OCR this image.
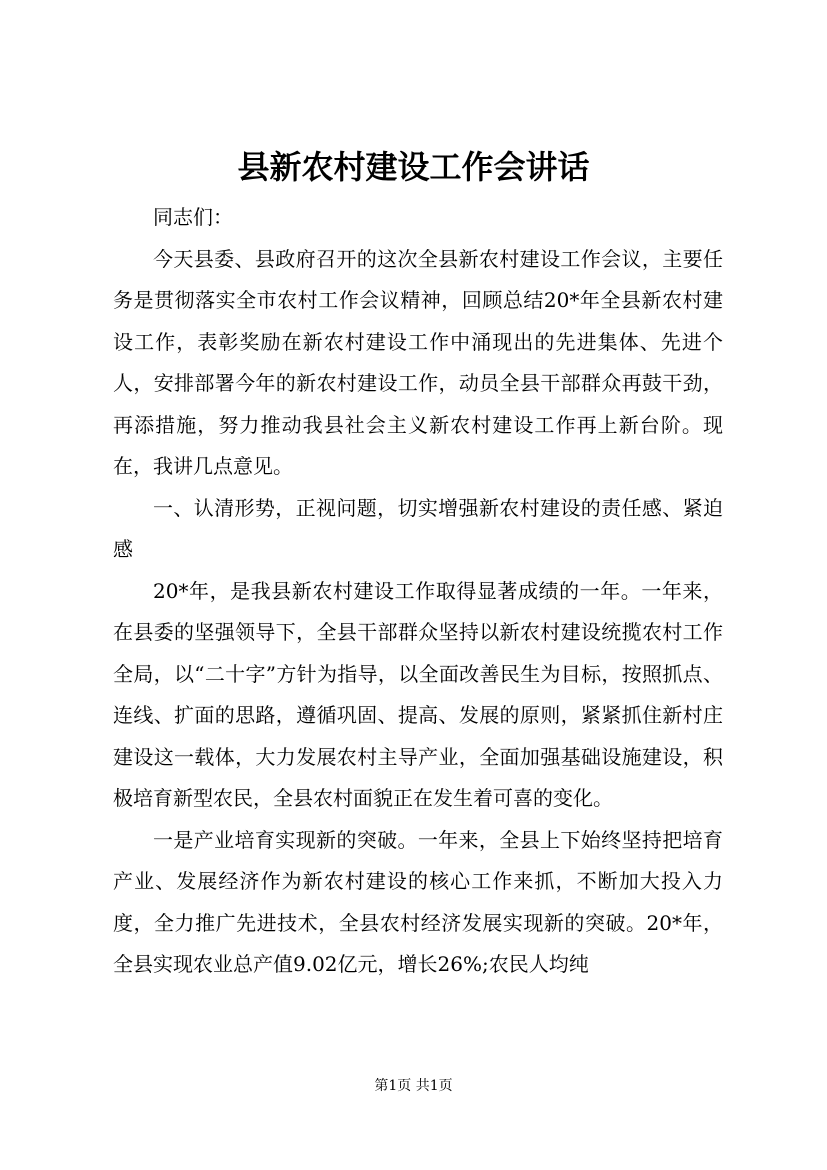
县新农村建设工作会讲话

同志们：

今天县委、县政府召开的这次全县新农村建设工作会议，主要任务是贯彻落实全市农村工作会议精神，回顾总结20*年全县新农村建设工作，表彰奖励在新农村建设工作中涌现出的先进集体、先进个人，安排部署今年的新农村建设工作，动员全县干部群众再鼓干劲，再添措施，努力推动我县社会主义新农村建设工作再上新台阶。现在，我讲几点意见。

一、认清形势，正视问题，切实增强新农村建设的责任感、紧迫感

20*年，是我县新农村建设工作取得显著成绩的一年。一年来，在县委的坚强领导下，全县干部群众坚持以新农村建设统揽农村工作全局，以“二十字”方针为指导，以全面改善民生为目标，按照抓点、连线、扩面的思路，遵循巩固、提高、发展的原则，紧紧抓住新村庄建设这一载体，大力发展农村主导产业，全面加强基础设施建设，积极培育新型农民，全县农村面貌正在发生着可喜的变化。

一是产业培育实现新的突破。一年来，全县上下始终坚持把培育产业、发展经济作为新农村建设的核心工作来抓，不断加大投入力度，全力推广先进技术，全县农村经济发展实现新的突破。20*年，全县实现农业总产值9.02亿元，增长26%;农民人均纯

第1页 共1页
